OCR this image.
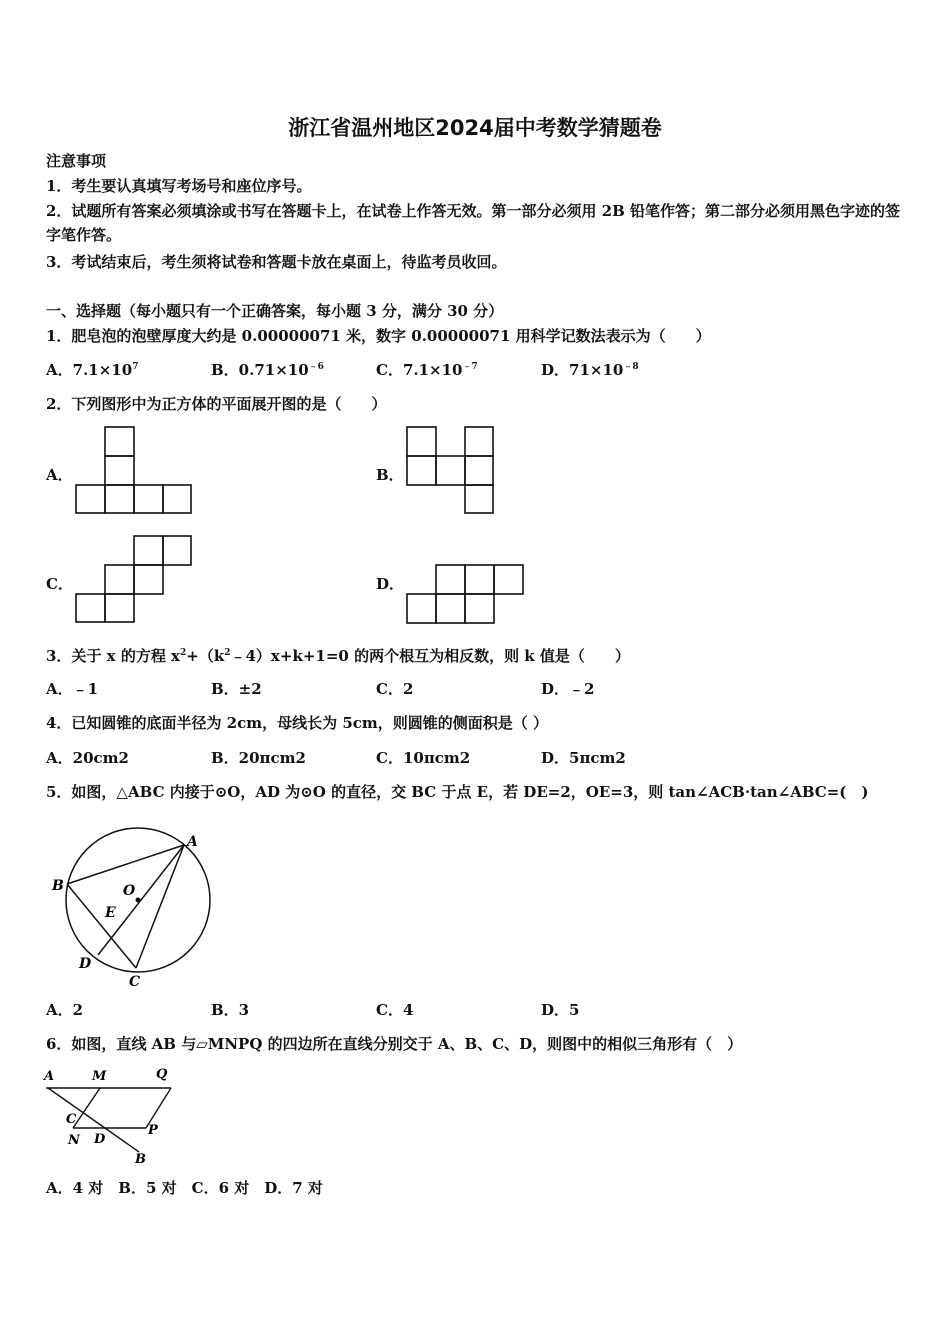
浙江省温州地区2024届中考数学猜题卷
注意事项
1．考生要认真填写考场号和座位序号。
2．试题所有答案必须填涂或书写在答题卡上，在试卷上作答无效。第一部分必须用 2B 铅笔作答；第二部分必须用黑色字迹的签字笔作答。
3．考试结束后，考生须将试卷和答题卡放在桌面上，待监考员收回。
一、选择题（每小题只有一个正确答案，每小题 3 分，满分 30 分）
1．肥皂泡的泡壁厚度大约是 0.00000071 米，数字 0.00000071 用科学记数法表示为（　　）
A．$7.1\times 10^7$	B．$0.71\times 10^{﹣6}$	C．$7.1\times 10^{﹣7}$	D．$71\times 10^{﹣8}$
2．下列图形中为正方体的平面展开图的是（　　）
A．	B．
C．	D．
3．关于 x 的方程 $x^2+(k^2﹣4)x+k+1=0$ 的两个根互为相反数，则 k 值是（　　）
A．﹣1	B．±2	C．2	D．﹣2
4．已知圆锥的底面半径为 2cm，母线长为 5cm，则圆锥的侧面积是（ ）
A．20cm2	B．20πcm2	C．10πcm2	D．5πcm2
5．如图，△ABC 内接于⊙O，AD 为⊙O 的直径，交 BC 于点 E，若 DE=2，OE=3，则 tan∠ACB·tan∠ABC=(　)
A
B
C
D
E
O
A．2	B．3	C．4	D．5
6．如图，直线 AB 与▱MNPQ 的四边所在直线分别交于 A、B、C、D，则图中的相似三角形有（　）
A	M	Q
C
N D
P
B
A．4 对　B．5 对　C．6 对　D．7 对
